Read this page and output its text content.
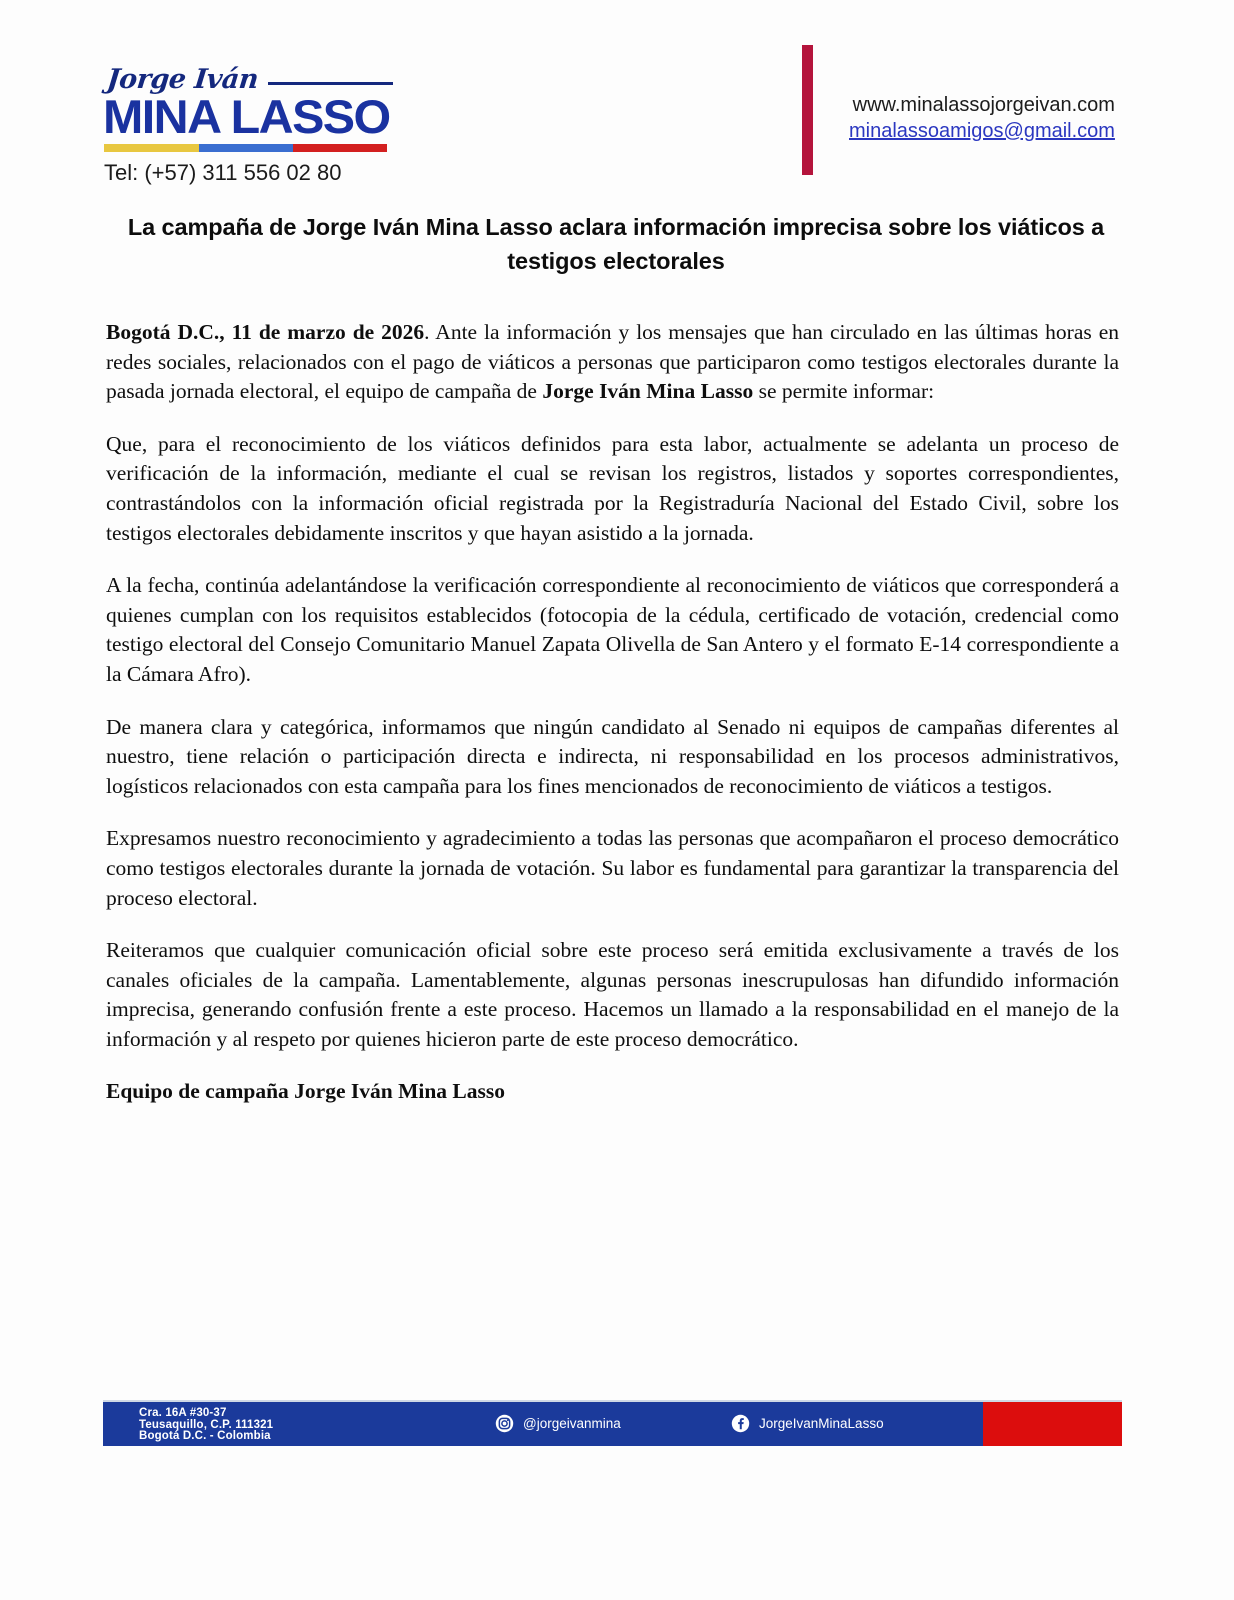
Jorge Iván
MINA LASSO
Tel: (+57) 311 556 02 80
www.minalassojorgeivan.com
minalassoamigos@gmail.com
La campaña de Jorge Iván Mina Lasso aclara información imprecisa sobre los viáticos a testigos electorales

Bogotá D.C., 11 de marzo de 2026. Ante la información y los mensajes que han circulado en las últimas horas en redes sociales, relacionados con el pago de viáticos a personas que participaron como testigos electorales durante la pasada jornada electoral, el equipo de campaña de Jorge Iván Mina Lasso se permite informar:

Que, para el reconocimiento de los viáticos definidos para esta labor, actualmente se adelanta un proceso de verificación de la información, mediante el cual se revisan los registros, listados y soportes correspondientes, contrastándolos con la información oficial registrada por la Registraduría Nacional del Estado Civil, sobre los testigos electorales debidamente inscritos y que hayan asistido a la jornada.

A la fecha, continúa adelantándose la verificación correspondiente al reconocimiento de viáticos que corresponderá a quienes cumplan con los requisitos establecidos (fotocopia de la cédula, certificado de votación, credencial como testigo electoral del Consejo Comunitario Manuel Zapata Olivella de San Antero y el formato E-14 correspondiente a la Cámara Afro).

De manera clara y categórica, informamos que ningún candidato al Senado ni equipos de campañas diferentes al nuestro, tiene relación o participación directa e indirecta, ni responsabilidad en los procesos administrativos, logísticos relacionados con esta campaña para los fines mencionados de reconocimiento de viáticos a testigos.

Expresamos nuestro reconocimiento y agradecimiento a todas las personas que acompañaron el proceso democrático como testigos electorales durante la jornada de votación. Su labor es fundamental para garantizar la transparencia del proceso electoral.

Reiteramos que cualquier comunicación oficial sobre este proceso será emitida exclusivamente a través de los canales oficiales de la campaña. Lamentablemente, algunas personas inescrupulosas han difundido información imprecisa, generando confusión frente a este proceso. Hacemos un llamado a la responsabilidad en el manejo de la información y al respeto por quienes hicieron parte de este proceso democrático.

Equipo de campaña Jorge Iván Mina Lasso

Cra. 16A #30-37
Teusaquillo, C.P. 111321
Bogotá D.C. - Colombia
@jorgeivanmina	JorgeIvanMinaLasso
